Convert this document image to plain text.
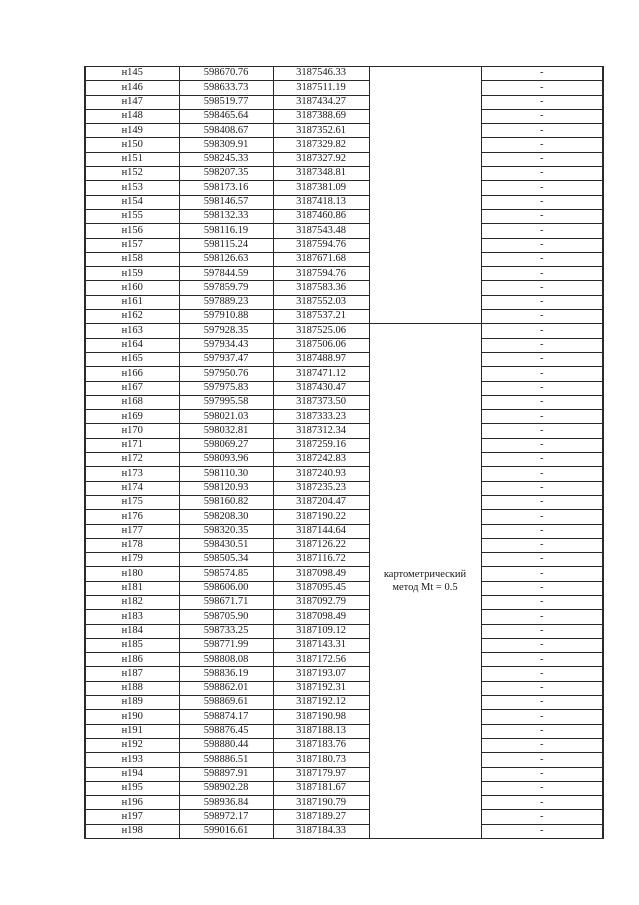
н145	598670.76	3187546.33		-
н146	598633.73	3187511.19		-
н147	598519.77	3187434.27		-
н148	598465.64	3187388.69		-
н149	598408.67	3187352.61		-
н150	598309.91	3187329.82		-
н151	598245.33	3187327.92		-
н152	598207.35	3187348.81		-
н153	598173.16	3187381.09		-
н154	598146.57	3187418.13		-
н155	598132.33	3187460.86		-
н156	598116.19	3187543.48		-
н157	598115.24	3187594.76		-
н158	598126.63	3187671.68		-
н159	597844.59	3187594.76		-
н160	597859.79	3187583.36		-
н161	597889.23	3187552.03		-
н162	597910.88	3187537.21		-
н163	597928.35	3187525.06	картометрический
метод Mt = 0.5	-
н164	597934.43	3187506.06		-
н165	597937.47	3187488.97		-
н166	597950.76	3187471.12		-
н167	597975.83	3187430.47		-
н168	597995.58	3187373.50		-
н169	598021.03	3187333.23		-
н170	598032.81	3187312.34		-
н171	598069.27	3187259.16		-
н172	598093.96	3187242.83		-
н173	598110.30	3187240.93		-
н174	598120.93	3187235.23		-
н175	598160.82	3187204.47		-
н176	598208.30	3187190.22		-
н177	598320.35	3187144.64		-
н178	598430.51	3187126.22		-
н179	598505.34	3187116.72		-
н180	598574.85	3187098.49		-
н181	598606.00	3187095.45		-
н182	598671.71	3187092.79		-
н183	598705.90	3187098.49		-
н184	598733.25	3187109.12		-
н185	598771.99	3187143.31		-
н186	598808.08	3187172.56		-
н187	598836.19	3187193.07		-
н188	598862.01	3187192.31		-
н189	598869.61	3187192.12		-
н190	598874.17	3187190.98		-
н191	598876.45	3187188.13		-
н192	598880.44	3187183.76		-
н193	598886.51	3187180.73		-
н194	598897.91	3187179.97		-
н195	598902.28	3187181.67		-
н196	598936.84	3187190.79		-
н197	598972.17	3187189.27		-
н198	599016.61	3187184.33		-
